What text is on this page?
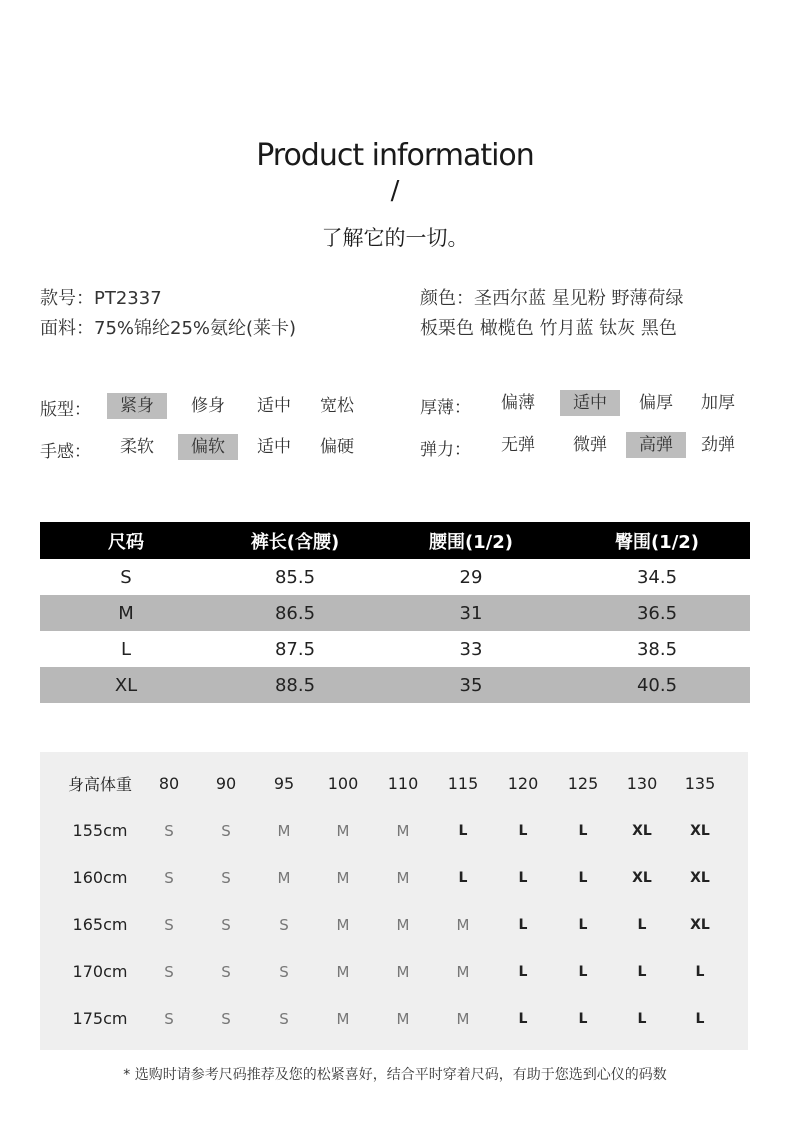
Product information
/
了解它的一切。
款号：PT2337
面料：75%锦纶25%氨纶(莱卡)
颜色：圣西尔蓝 星见粉 野薄荷绿
板栗色 橄榄色 竹月蓝 钛灰 黑色
版型：	紧身	修身	适中	宽松
手感：	柔软	偏软	适中	偏硬
厚薄：	偏薄	适中	偏厚	加厚
弹力：	无弹	微弹	高弹	劲弹
尺码	裤长(含腰)	腰围(1/2)	臀围(1/2)
S	85.5	29	34.5
M	86.5	31	36.5
L	87.5	33	38.5
XL	88.5	35	40.5
身高体重	80	90	95	100	110	115	120	125	130	135
155cm	S	S	M	M	M	L	L	L	XL	XL
160cm	S	S	M	M	M	L	L	L	XL	XL
165cm	S	S	S	M	M	M	L	L	L	XL
170cm	S	S	S	M	M	M	L	L	L	L
175cm	S	S	S	M	M	M	L	L	L	L
* 选购时请参考尺码推荐及您的松紧喜好，结合平时穿着尺码，有助于您选到心仪的码数
